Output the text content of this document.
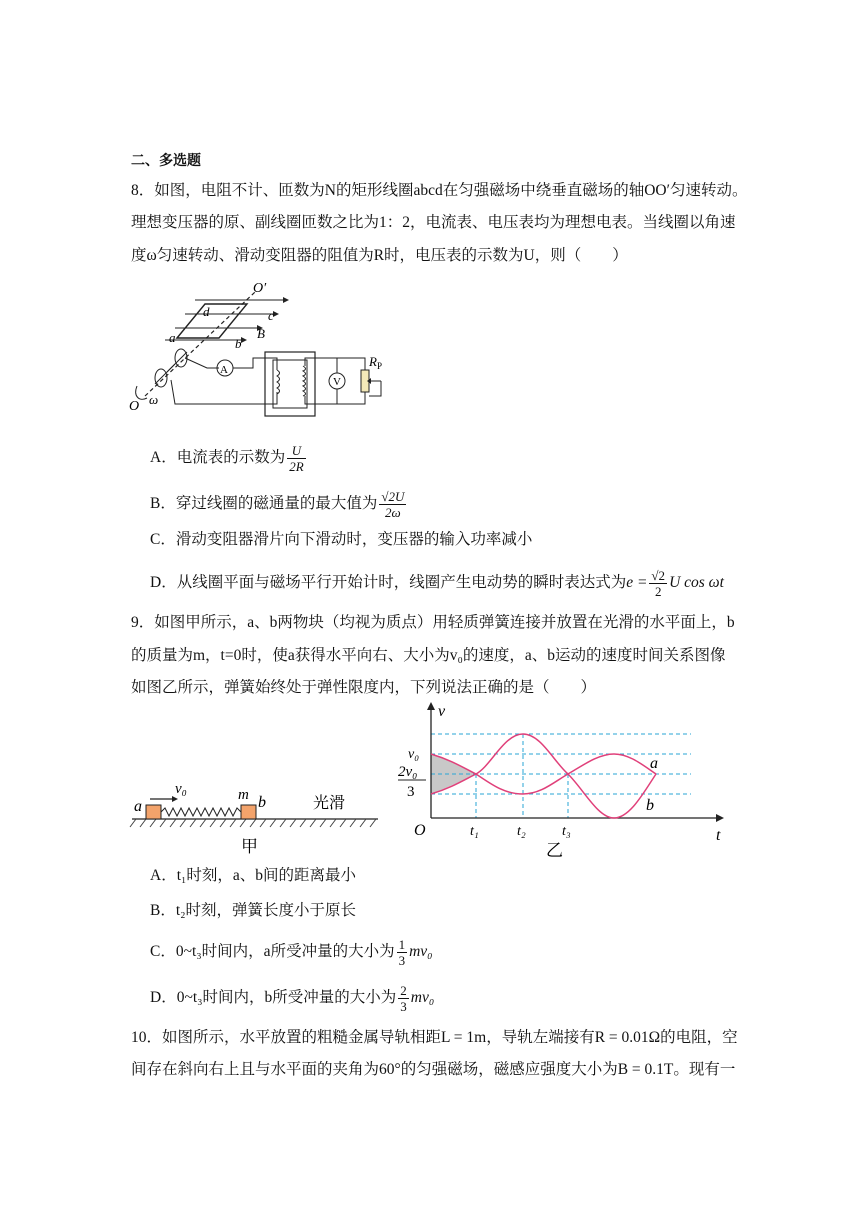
二、多选题
8．如图，电阻不计、匝数为N的矩形线圈abcd在匀强磁场中绕垂直磁场的轴OO′匀速转动。
理想变压器的原、副线圈匝数之比为1：2，电流表、电压表均为理想电表。当线圈以角速
度ω匀速转动、滑动变阻器的阻值为R时，电压表的示数为U，则（　　）
O′
O ω
d	c
a	b
B
A
V
$R_P$
A．电流表的示数为 $\frac{U}{2R}$
B．穿过线圈的磁通量的最大值为 $\frac{√2U}{2\omega}$
C．滑动变阻器滑片向下滑动时，变压器的输入功率减小
D．从线圈平面与磁场平行开始计时，线圈产生电动势的瞬时表达式为$e = \frac{√2}{2}$ U cos ωt
9．如图甲所示，a、b两物块（均视为质点）用轻质弹簧连接并放置在光滑的水平面上，b
的质量为m，t=0时，使a获得水平向右、大小为v₀的速度，a、b运动的速度时间关系图像
如图乙所示，弹簧始终处于弹性限度内，下列说法正确的是（　　）
a
v₀	m b	光滑
甲
v
t
O
v₀
2v₀
3
t₁	t₂	t₃
a
b
乙
A．t₁时刻，a、b间的距离最小
B．t₂时刻，弹簧长度小于原长
C．0~t₃时间内，a所受冲量的大小为 $\frac{1}{3} mv_0$
D．0~t₃时间内，b所受冲量的大小为 $\frac{2}{3} mv_0$
10．如图所示，水平放置的粗糙金属导轨相距L = 1m，导轨左端接有R = 0.01Ω的电阻，空
间存在斜向右上且与水平面的夹角为60°的匀强磁场，磁感应强度大小为B = 0.1T。现有一
